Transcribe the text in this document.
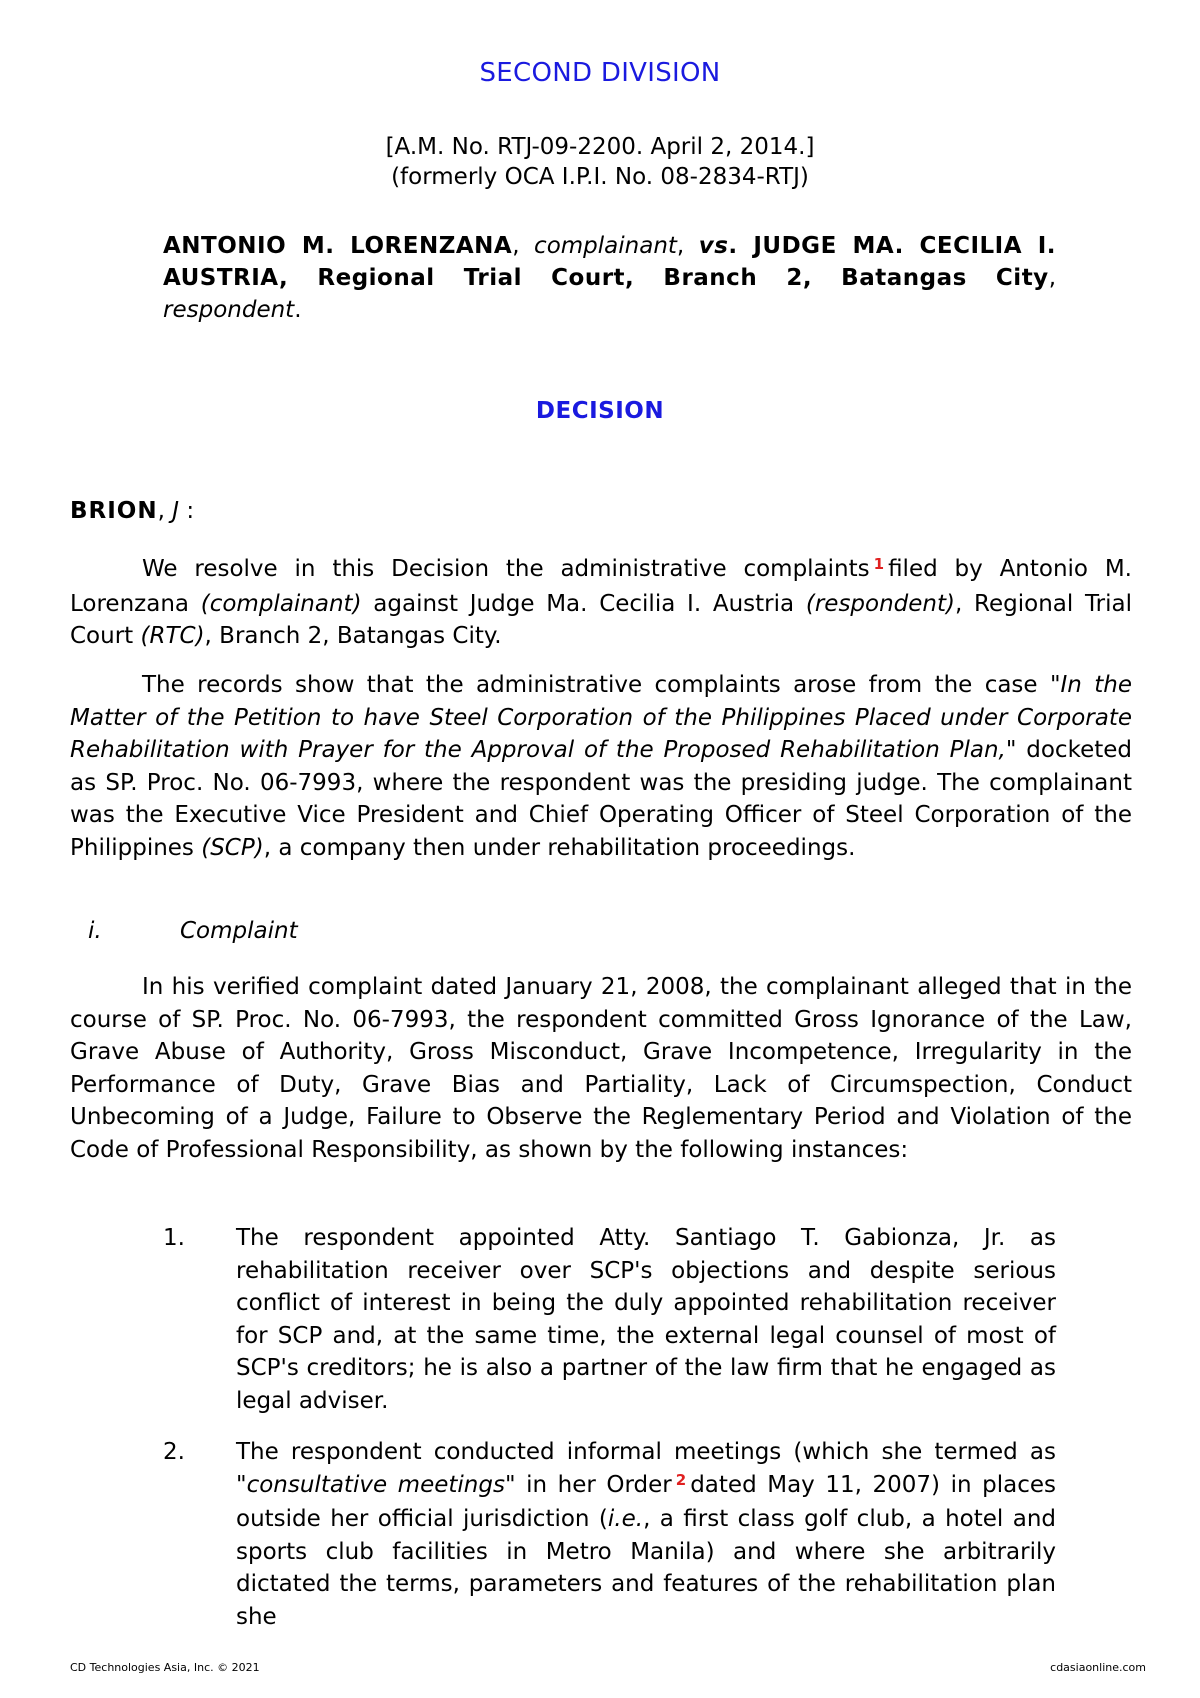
SECOND DIVISION
[A.M. No. RTJ-09-2200. April 2, 2014.]
(formerly OCA I.P.I. No. 08-2834-RTJ)
ANTONIO M. LORENZANA, complainant, vs. JUDGE MA. CECILIA I. AUSTRIA, Regional Trial Court, Branch 2, Batangas City, respondent.
DECISION
BRION, J :
We resolve in this Decision the administrative complaints $^1$ filed by Antonio M. Lorenzana (complainant) against Judge Ma. Cecilia I. Austria (respondent), Regional Trial Court (RTC), Branch 2, Batangas City.
The records show that the administrative complaints arose from the case "In the Matter of the Petition to have Steel Corporation of the Philippines Placed under Corporate Rehabilitation with Prayer for the Approval of the Proposed Rehabilitation Plan," docketed as SP. Proc. No. 06-7993, where the respondent was the presiding judge. The complainant was the Executive Vice President and Chief Operating Officer of Steel Corporation of the Philippines (SCP), a company then under rehabilitation proceedings.
i.	Complaint
In his verified complaint dated January 21, 2008, the complainant alleged that in the course of SP. Proc. No. 06-7993, the respondent committed Gross Ignorance of the Law, Grave Abuse of Authority, Gross Misconduct, Grave Incompetence, Irregularity in the Performance of Duty, Grave Bias and Partiality, Lack of Circumspection, Conduct Unbecoming of a Judge, Failure to Observe the Reglementary Period and Violation of the Code of Professional Responsibility, as shown by the following instances:
1. The respondent appointed Atty. Santiago T. Gabionza, Jr. as rehabilitation receiver over SCP's objections and despite serious conflict of interest in being the duly appointed rehabilitation receiver for SCP and, at the same time, the external legal counsel of most of SCP's creditors; he is also a partner of the law firm that he engaged as legal adviser.
2. The respondent conducted informal meetings (which she termed as "consultative meetings" in her Order $^2$ dated May 11, 2007) in places outside her official jurisdiction (i.e., a first class golf club, a hotel and sports club facilities in Metro Manila) and where she arbitrarily dictated the terms, parameters and features of the rehabilitation plan she
CD Technologies Asia, Inc. © 2021	cdasiaonline.com
